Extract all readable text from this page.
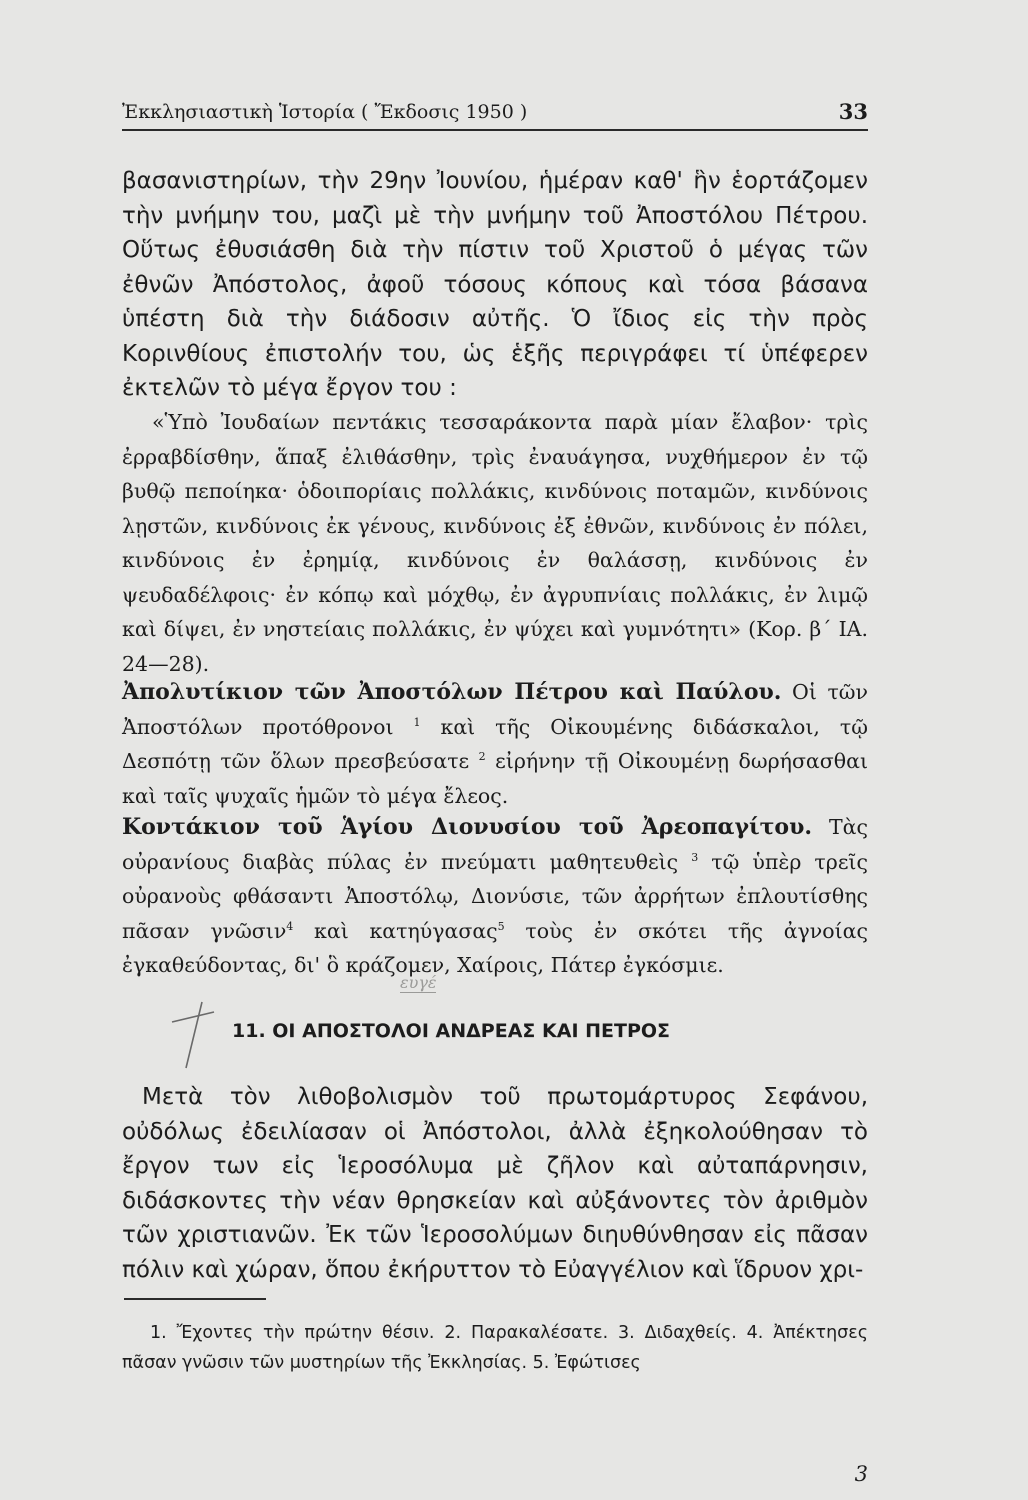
Ἐκκλησιαστικὴ Ἱστορία ( Ἔκδοσις 1950 )	33

βασανιστηρίων, τὴν 29ην Ἰουνίου, ἡμέραν καθ' ἣν ἑορτάζομεν τὴν μνήμην του, μαζὶ μὲ τὴν μνήμην τοῦ Ἀποστόλου Πέτρου. Οὕτως ἐθυσιάσθη διὰ τὴν πίστιν τοῦ Χριστοῦ ὁ μέγας τῶν ἐθνῶν Ἀπόστολος, ἀφοῦ τόσους κόπους καὶ τόσα βάσανα ὑπέστη διὰ τὴν διάδοσιν αὐτῆς. Ὁ ἴδιος εἰς τὴν πρὸς Κορινθίους ἐπιστολήν του, ὡς ἑξῆς περιγράφει τί ὑπέφερεν ἐκτελῶν τὸ μέγα ἔργον του :

«Ὑπὸ Ἰουδαίων πεντάκις τεσσαράκοντα παρὰ μίαν ἔλαβον· τρὶς ἐρραβδίσθην, ἅπαξ ἐλιθάσθην, τρὶς ἐναυάγησα, νυχθήμερον ἐν τῷ βυθῷ πεποίηκα· ὁδοιπορίαις πολλάκις, κινδύνοις ποταμῶν, κινδύνοις λῃστῶν, κινδύνοις ἐκ γένους, κινδύνοις ἐξ ἐθνῶν, κινδύνοις ἐν πόλει, κινδύνοις ἐν ἐρημίᾳ, κινδύνοις ἐν θαλάσσῃ, κινδύνοις ἐν ψευδαδέλφοις· ἐν κόπῳ καὶ μόχθῳ, ἐν ἀγρυπνίαις πολλάκις, ἐν λιμῷ καὶ δίψει, ἐν νηστείαις πολλάκις, ἐν ψύχει καὶ γυμνότητι» (Κορ. β΄ ΙΑ. 24—28).

Ἀπολυτίκιον τῶν Ἀποστόλων Πέτρου καὶ Παύλου. Οἱ τῶν Ἀποστόλων προτόθρονοι $^1$ καὶ τῆς Οἰκουμένης διδάσκαλοι, τῷ Δεσπότῃ τῶν ὅλων πρεσβεύσατε $^2$ εἰρήνην τῇ Οἰκουμένῃ δωρήσασθαι καὶ ταῖς ψυχαῖς ἡμῶν τὸ μέγα ἔλεος.

Κοντάκιον τοῦ Ἁγίου Διονυσίου τοῦ Ἀρεοπαγίτου. Τὰς οὐρανίους διαβὰς πύλας ἐν πνεύματι μαθητευθεὶς $^3$ τῷ ὑπὲρ τρεῖς οὐρανοὺς φθάσαντι Ἀποστόλῳ, Διονύσιε, τῶν ἀρρήτων ἐπλουτίσθης πᾶσαν γνῶσιν$^4$ καὶ κατηύγασας$^5$ τοὺς ἐν σκότει τῆς ἀγνοίας ἐγκαθεύδοντας, δι' ὃ κράζομεν, Χαίροις, Πάτερ ἐγκόσμιε.

ευγέ
11. ΟΙ ΑΠΟΣΤΟΛΟΙ ΑΝΔΡΕΑΣ ΚΑΙ ΠΕΤΡΟΣ

Μετὰ τὸν λιθοβολισμὸν τοῦ πρωτομάρτυρος Σεφάνου, οὐδόλως ἐδειλίασαν οἱ Ἀπόστολοι, ἀλλὰ ἐξηκολούθησαν τὸ ἔργον των εἰς Ἱεροσόλυμα μὲ ζῆλον καὶ αὐταπάρνησιν, διδάσκοντες τὴν νέαν θρησκείαν καὶ αὐξάνοντες τὸν ἀριθμὸν τῶν χριστιανῶν. Ἐκ τῶν Ἱεροσολύμων διηυθύνθησαν εἰς πᾶσαν πόλιν καὶ χώραν, ὅπου ἐκήρυττον τὸ Εὐαγγέλιον καὶ ἵδρυον χρι-

1. Ἔχοντες τὴν πρώτην θέσιν. 2. Παρακαλέσατε. 3. Διδαχθείς. 4. Ἀπέκτησες πᾶσαν γνῶσιν τῶν μυστηρίων τῆς Ἐκκλησίας. 5. Ἐφώτισες

3
